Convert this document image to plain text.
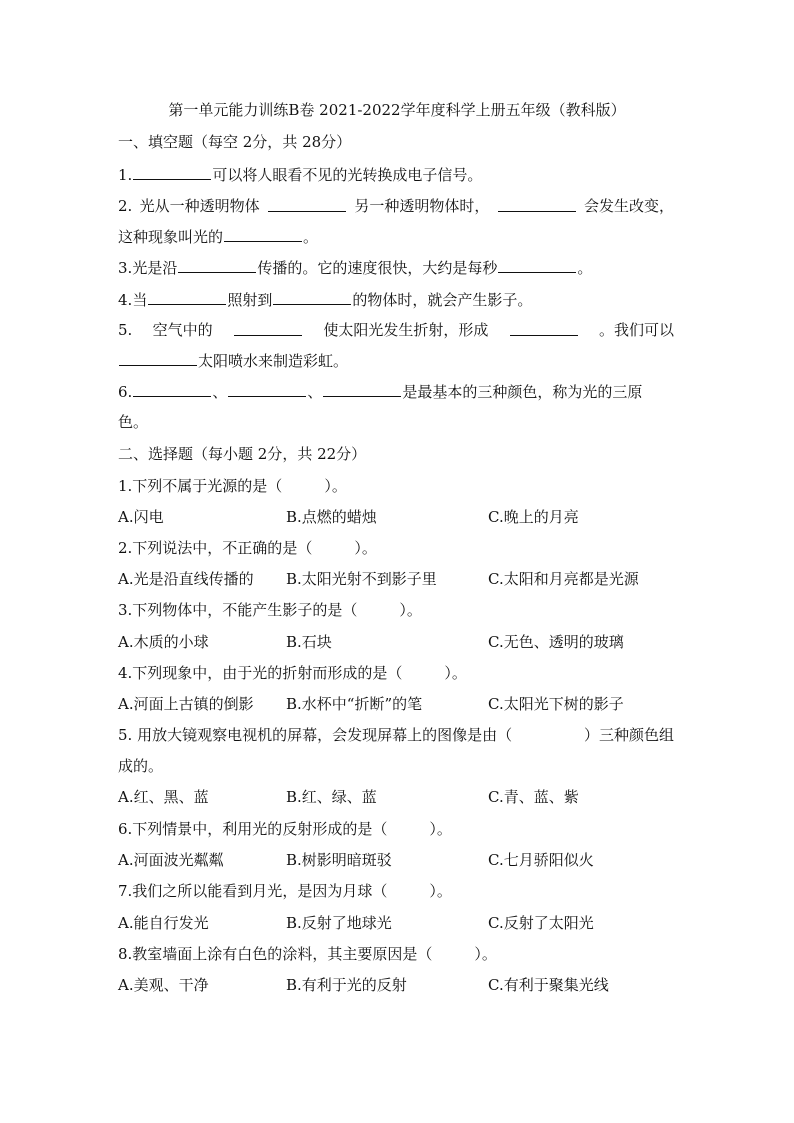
第一单元能力训练B卷 2021-2022学年度科学上册五年级（教科版）
一、填空题（每空 2分，共 28分）
1.	可以将人眼看不见的光转换成电子信号。
2. 光从一种透明物体	另一种透明物体时，	会发生改变，
这种现象叫光的	。
3.光是沿	传播的。它的速度很快，大约是每秒	。
4.当	照射到	的物体时，就会产生影子。
5. 空气中的	使太阳光发生折射，形成	。我们可以
太阳喷水来制造彩虹。
6.	、	、	是最基本的三种颜色，称为光的三原
色。
二、选择题（每小题 2分，共 22分）
1.下列不属于光源的是（	）。
A.闪电	B.点燃的蜡烛	C.晚上的月亮
2.下列说法中，不正确的是（	）。
A.光是沿直线传播的 B.太阳光射不到影子里	C.太阳和月亮都是光源
3.下列物体中，不能产生影子的是（	）。
A.木质的小球	B.石块	C.无色、透明的玻璃
4.下列现象中，由于光的折射而形成的是（	）。
A.河面上古镇的倒影 B.水杯中“折断”的笔	C.太阳光下树的影子
5. 用放大镜观察电视机的屏幕，会发现屏幕上的图像是由（	）三种颜色组
成的。
A.红、黑、蓝	B.红、绿、蓝	C.青、蓝、紫
6.下列情景中，利用光的反射形成的是（	）。
A.河面波光粼粼	B.树影明暗斑驳	C.七月骄阳似火
7.我们之所以能看到月光，是因为月球（	）。
A.能自行发光	B.反射了地球光	C.反射了太阳光
8.教室墙面上涂有白色的涂料，其主要原因是（	）。
A.美观、干净	B.有利于光的反射	C.有利于聚集光线
